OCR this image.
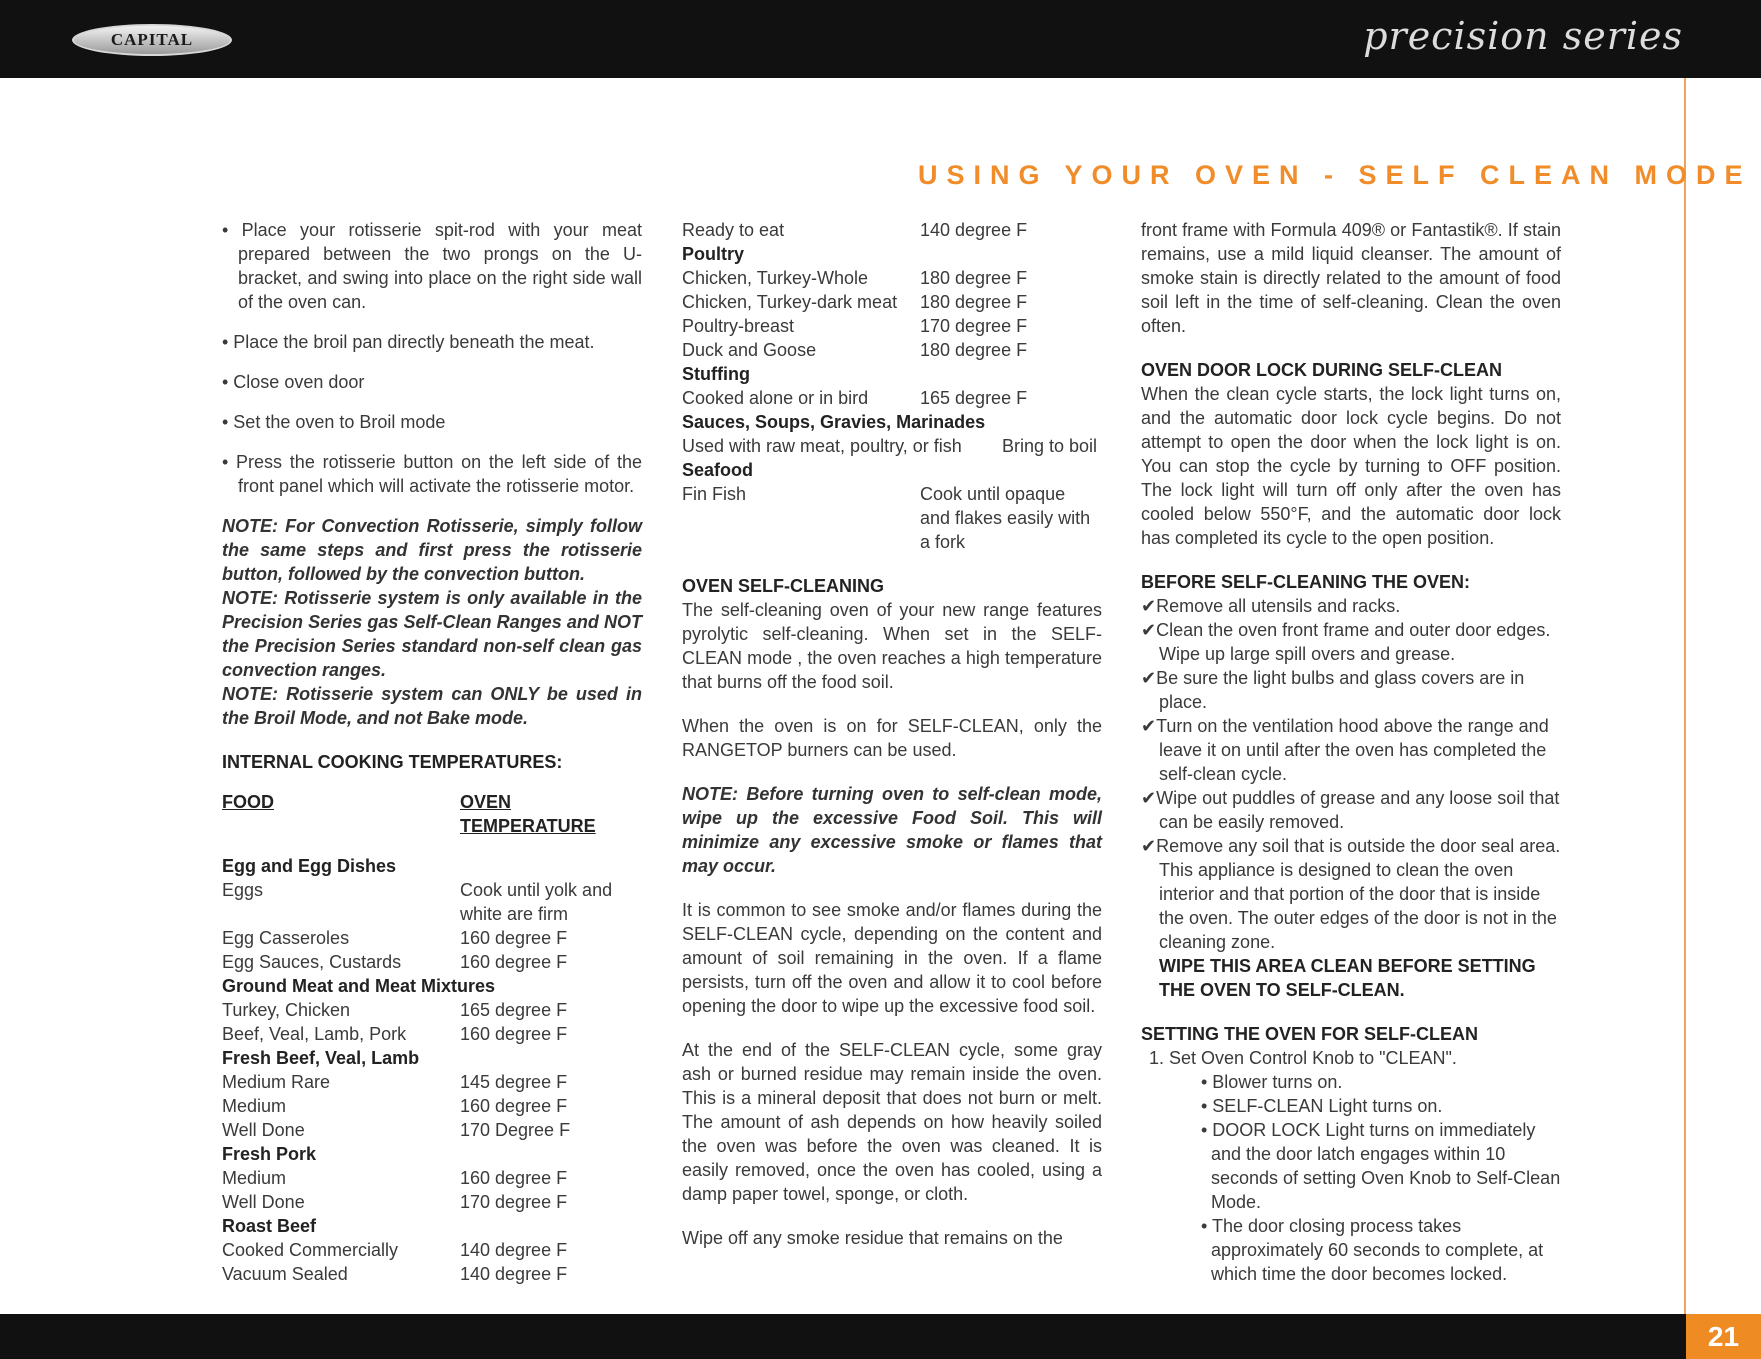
CAPITAL	precision series
USING YOUR OVEN - SELF CLEAN MODE

• Place your rotisserie spit-rod with your meat prepared between the two prongs on the U-bracket, and swing into place on the right side wall of the oven can.

• Place the broil pan directly beneath the meat.

• Close oven door

• Set the oven to Broil mode

• Press the rotisserie button on the left side of the front panel which will activate the rotisserie motor.

NOTE: For Convection Rotisserie, simply follow the same steps and first press the rotisserie button, followed by the convection button.

NOTE: Rotisserie system is only available in the Precision Series gas Self-Clean Ranges and NOT the Precision Series standard non-self clean gas convection ranges.

NOTE: Rotisserie system can ONLY be used in the Broil Mode, and not Bake mode.

INTERNAL COOKING TEMPERATURES:

FOOD	OVEN TEMPERATURE

Egg and Egg Dishes

Eggs	Cook until yolk and white are firm
Egg Casseroles	160 degree F
Egg Sauces, Custards	160 degree F

Ground Meat and Meat Mixtures

Turkey, Chicken	165 degree F
Beef, Veal, Lamb, Pork	160 degree F

Fresh Beef, Veal, Lamb

Medium Rare	145 degree F
Medium	160 degree F
Well Done	170 Degree F

Fresh Pork

Medium	160 degree F
Well Done	170 degree F

Roast Beef

Cooked Commercially	140 degree F
Vacuum Sealed	140 degree F
Ready to eat	140 degree F

Poultry

Chicken, Turkey-Whole	180 degree F
Chicken, Turkey-dark meat	180 degree F
Poultry-breast	170 degree F
Duck and Goose	180 degree F

Stuffing

Cooked alone or in bird	165 degree F

Sauces, Soups, Gravies, Marinades

Used with raw meat, poultry, or fish	Bring to boil

Seafood

Fin Fish	Cook until opaque and flakes easily with a fork

OVEN SELF-CLEANING

The self-cleaning oven of your new range features pyrolytic self-cleaning. When set in the SELF-CLEAN mode , the oven reaches a high temperature that burns off the food soil.

When the oven is on for SELF-CLEAN, only the RANGETOP burners can be used.

NOTE: Before turning oven to self-clean mode, wipe up the excessive Food Soil. This will minimize any excessive smoke or flames that may occur.

It is common to see smoke and/or flames during the SELF-CLEAN cycle, depending on the content and amount of soil remaining in the oven. If a flame persists, turn off the oven and allow it to cool before opening the door to wipe up the excessive food soil.

At the end of the SELF-CLEAN cycle, some gray ash or burned residue may remain inside the oven. This is a mineral deposit that does not burn or melt. The amount of ash depends on how heavily soiled the oven was before the oven was cleaned. It is easily removed, once the oven has cooled, using a damp paper towel, sponge, or cloth.

Wipe off any smoke residue that remains on the

front frame with Formula 409® or Fantastik®. If stain remains, use a mild liquid cleanser. The amount of smoke stain is directly related to the amount of food soil left in the time of self-cleaning. Clean the oven often.

OVEN DOOR LOCK DURING SELF-CLEAN

When the clean cycle starts, the lock light turns on, and the automatic door lock cycle begins. Do not attempt to open the door when the lock light is on. You can stop the cycle by turning to OFF position. The lock light will turn off only after the oven has cooled below 550°F, and the automatic door lock has completed its cycle to the open position.

BEFORE SELF-CLEANING THE OVEN:

✔Remove all utensils and racks.

✔Clean the oven front frame and outer door edges. Wipe up large spill overs and grease.

✔Be sure the light bulbs and glass covers are in place.

✔Turn on the ventilation hood above the range and leave it on until after the oven has completed the self-clean cycle.

✔Wipe out puddles of grease and any loose soil that can be easily removed.

✔Remove any soil that is outside the door seal area. This appliance is designed to clean the oven interior and that portion of the door that is inside the oven. The outer edges of the door is not in the cleaning zone.

WIPE THIS AREA CLEAN BEFORE SETTING THE OVEN TO SELF-CLEAN.

SETTING THE OVEN FOR SELF-CLEAN

1. Set Oven Control Knob to "CLEAN".

• Blower turns on.

• SELF-CLEAN Light turns on.

• DOOR LOCK Light turns on immediately and the door latch engages within 10 seconds of setting Oven Knob to Self-Clean Mode.

• The door closing process takes approximately 60 seconds to complete, at which time the door becomes locked.

21
